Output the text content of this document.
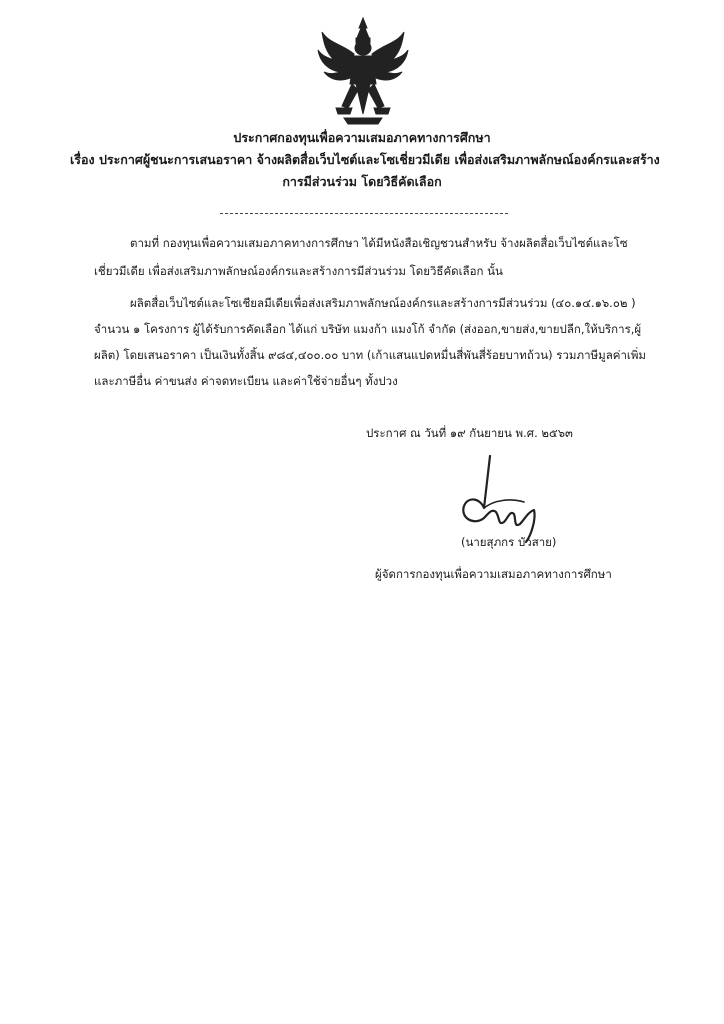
ประกาศกองทุนเพื่อความเสมอภาคทางการศึกษา
เรื่อง ประกาศผู้ชนะการเสนอราคา จ้างผลิตสื่อเว็บไซต์และโซเชี่ยวมีเดีย เพื่อส่งเสริมภาพลักษณ์องค์กรและสร้าง
การมีส่วนร่วม โดยวิธีคัดเลือก
ตามที่ กองทุนเพื่อความเสมอภาคทางการศึกษา ได้มีหนังสือเชิญชวนสำหรับ จ้างผลิตสื่อเว็บไซต์และโซ
เชี่ยวมีเดีย เพื่อส่งเสริมภาพลักษณ์องค์กรและสร้างการมีส่วนร่วม โดยวิธีคัดเลือก นั้น
ผลิตสื่อเว็บไซต์และโซเชียลมีเดียเพื่อส่งเสริมภาพลักษณ์องค์กรและสร้างการมีส่วนร่วม (๔๐.๑๔.๑๖.๐๒ )
จำนวน ๑ โครงการ ผู้ได้รับการคัดเลือก ได้แก่ บริษัท แมงก้า แมงโก้ จำกัด (ส่งออก,ขายส่ง,ขายปลีก,ให้บริการ,ผู้
ผลิต) โดยเสนอราคา เป็นเงินทั้งสิ้น ๙๘๔,๔๐๐.๐๐ บาท (เก้าแสนแปดหมื่นสี่พันสี่ร้อยบาทถ้วน) รวมภาษีมูลค่าเพิ่ม
และภาษีอื่น ค่าขนส่ง ค่าจดทะเบียน และค่าใช้จ่ายอื่นๆ ทั้งปวง
ประกาศ ณ วันที่ ๑๙ กันยายน พ.ศ. ๒๕๖๓
(นายสุภกร บัวสาย)
ผู้จัดการกองทุนเพื่อความเสมอภาคทางการศึกษา
